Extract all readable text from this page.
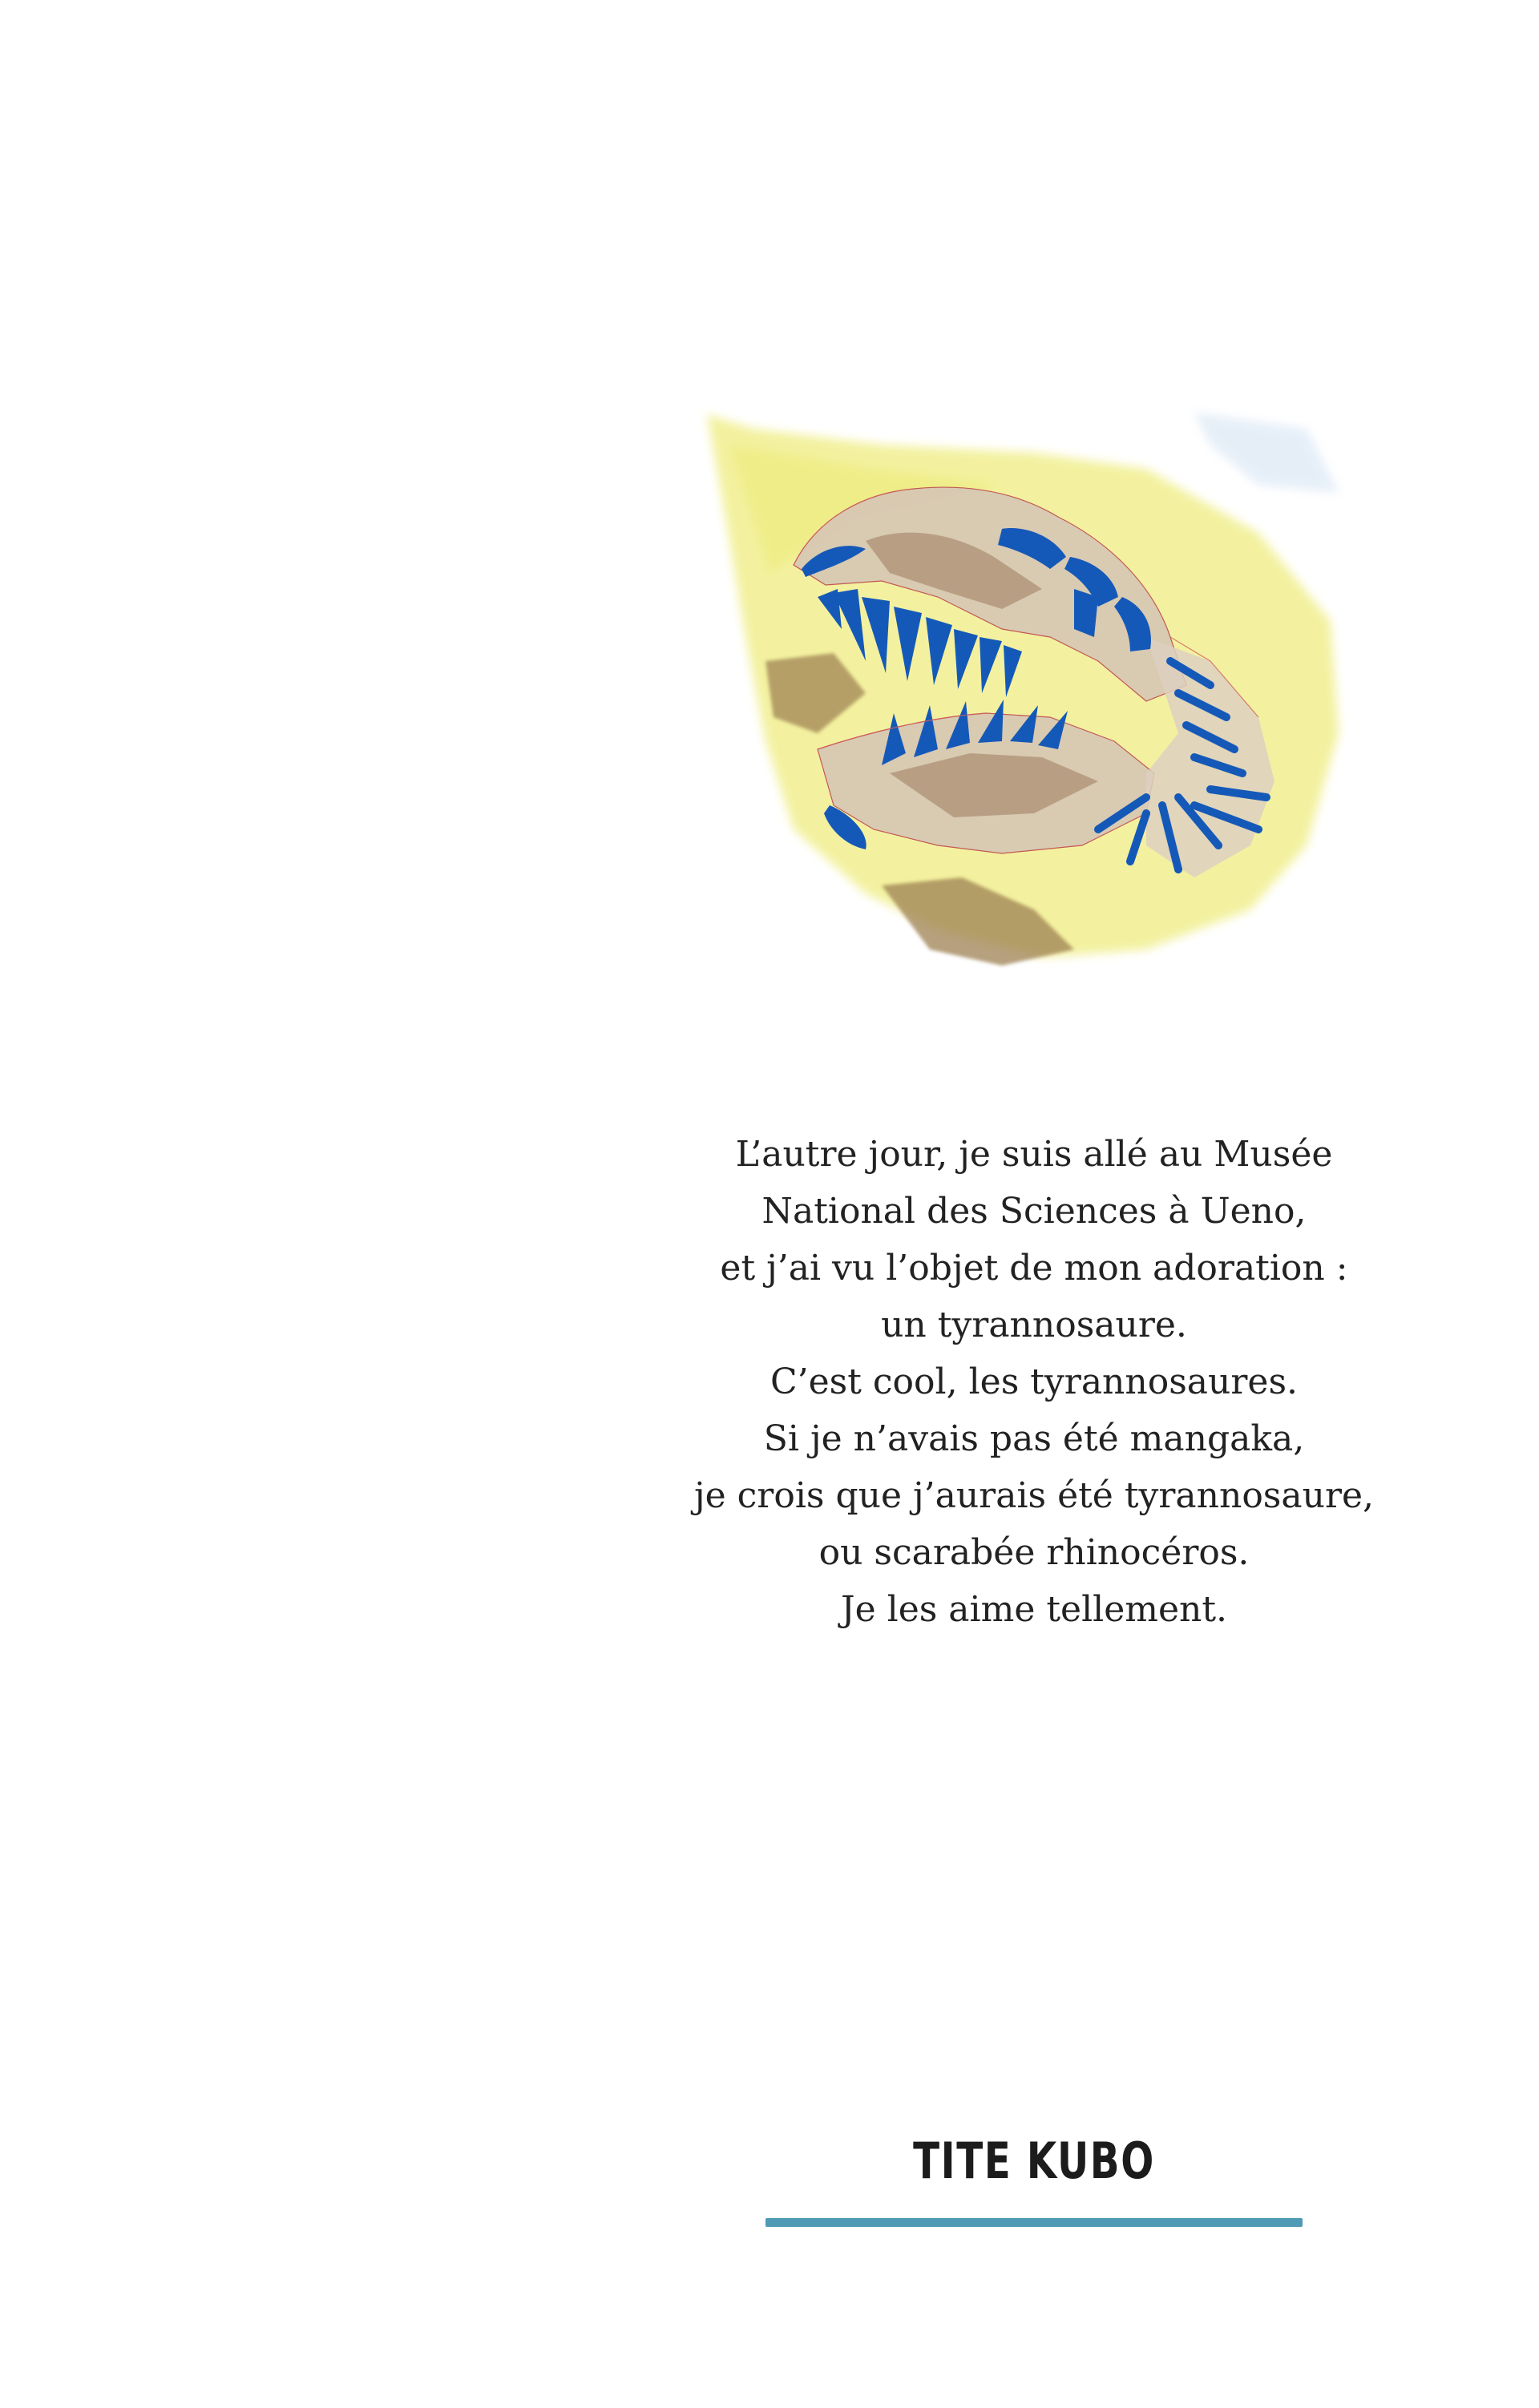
L’autre jour, je suis allé au Musée
National des Sciences à Ueno,
et j’ai vu l’objet de mon adoration :
un tyrannosaure.
C’est cool, les tyrannosaures.
Si je n’avais pas été mangaka,
je crois que j’aurais été tyrannosaure,
ou scarabée rhinocéros.
Je les aime tellement.
TITE KUBO
